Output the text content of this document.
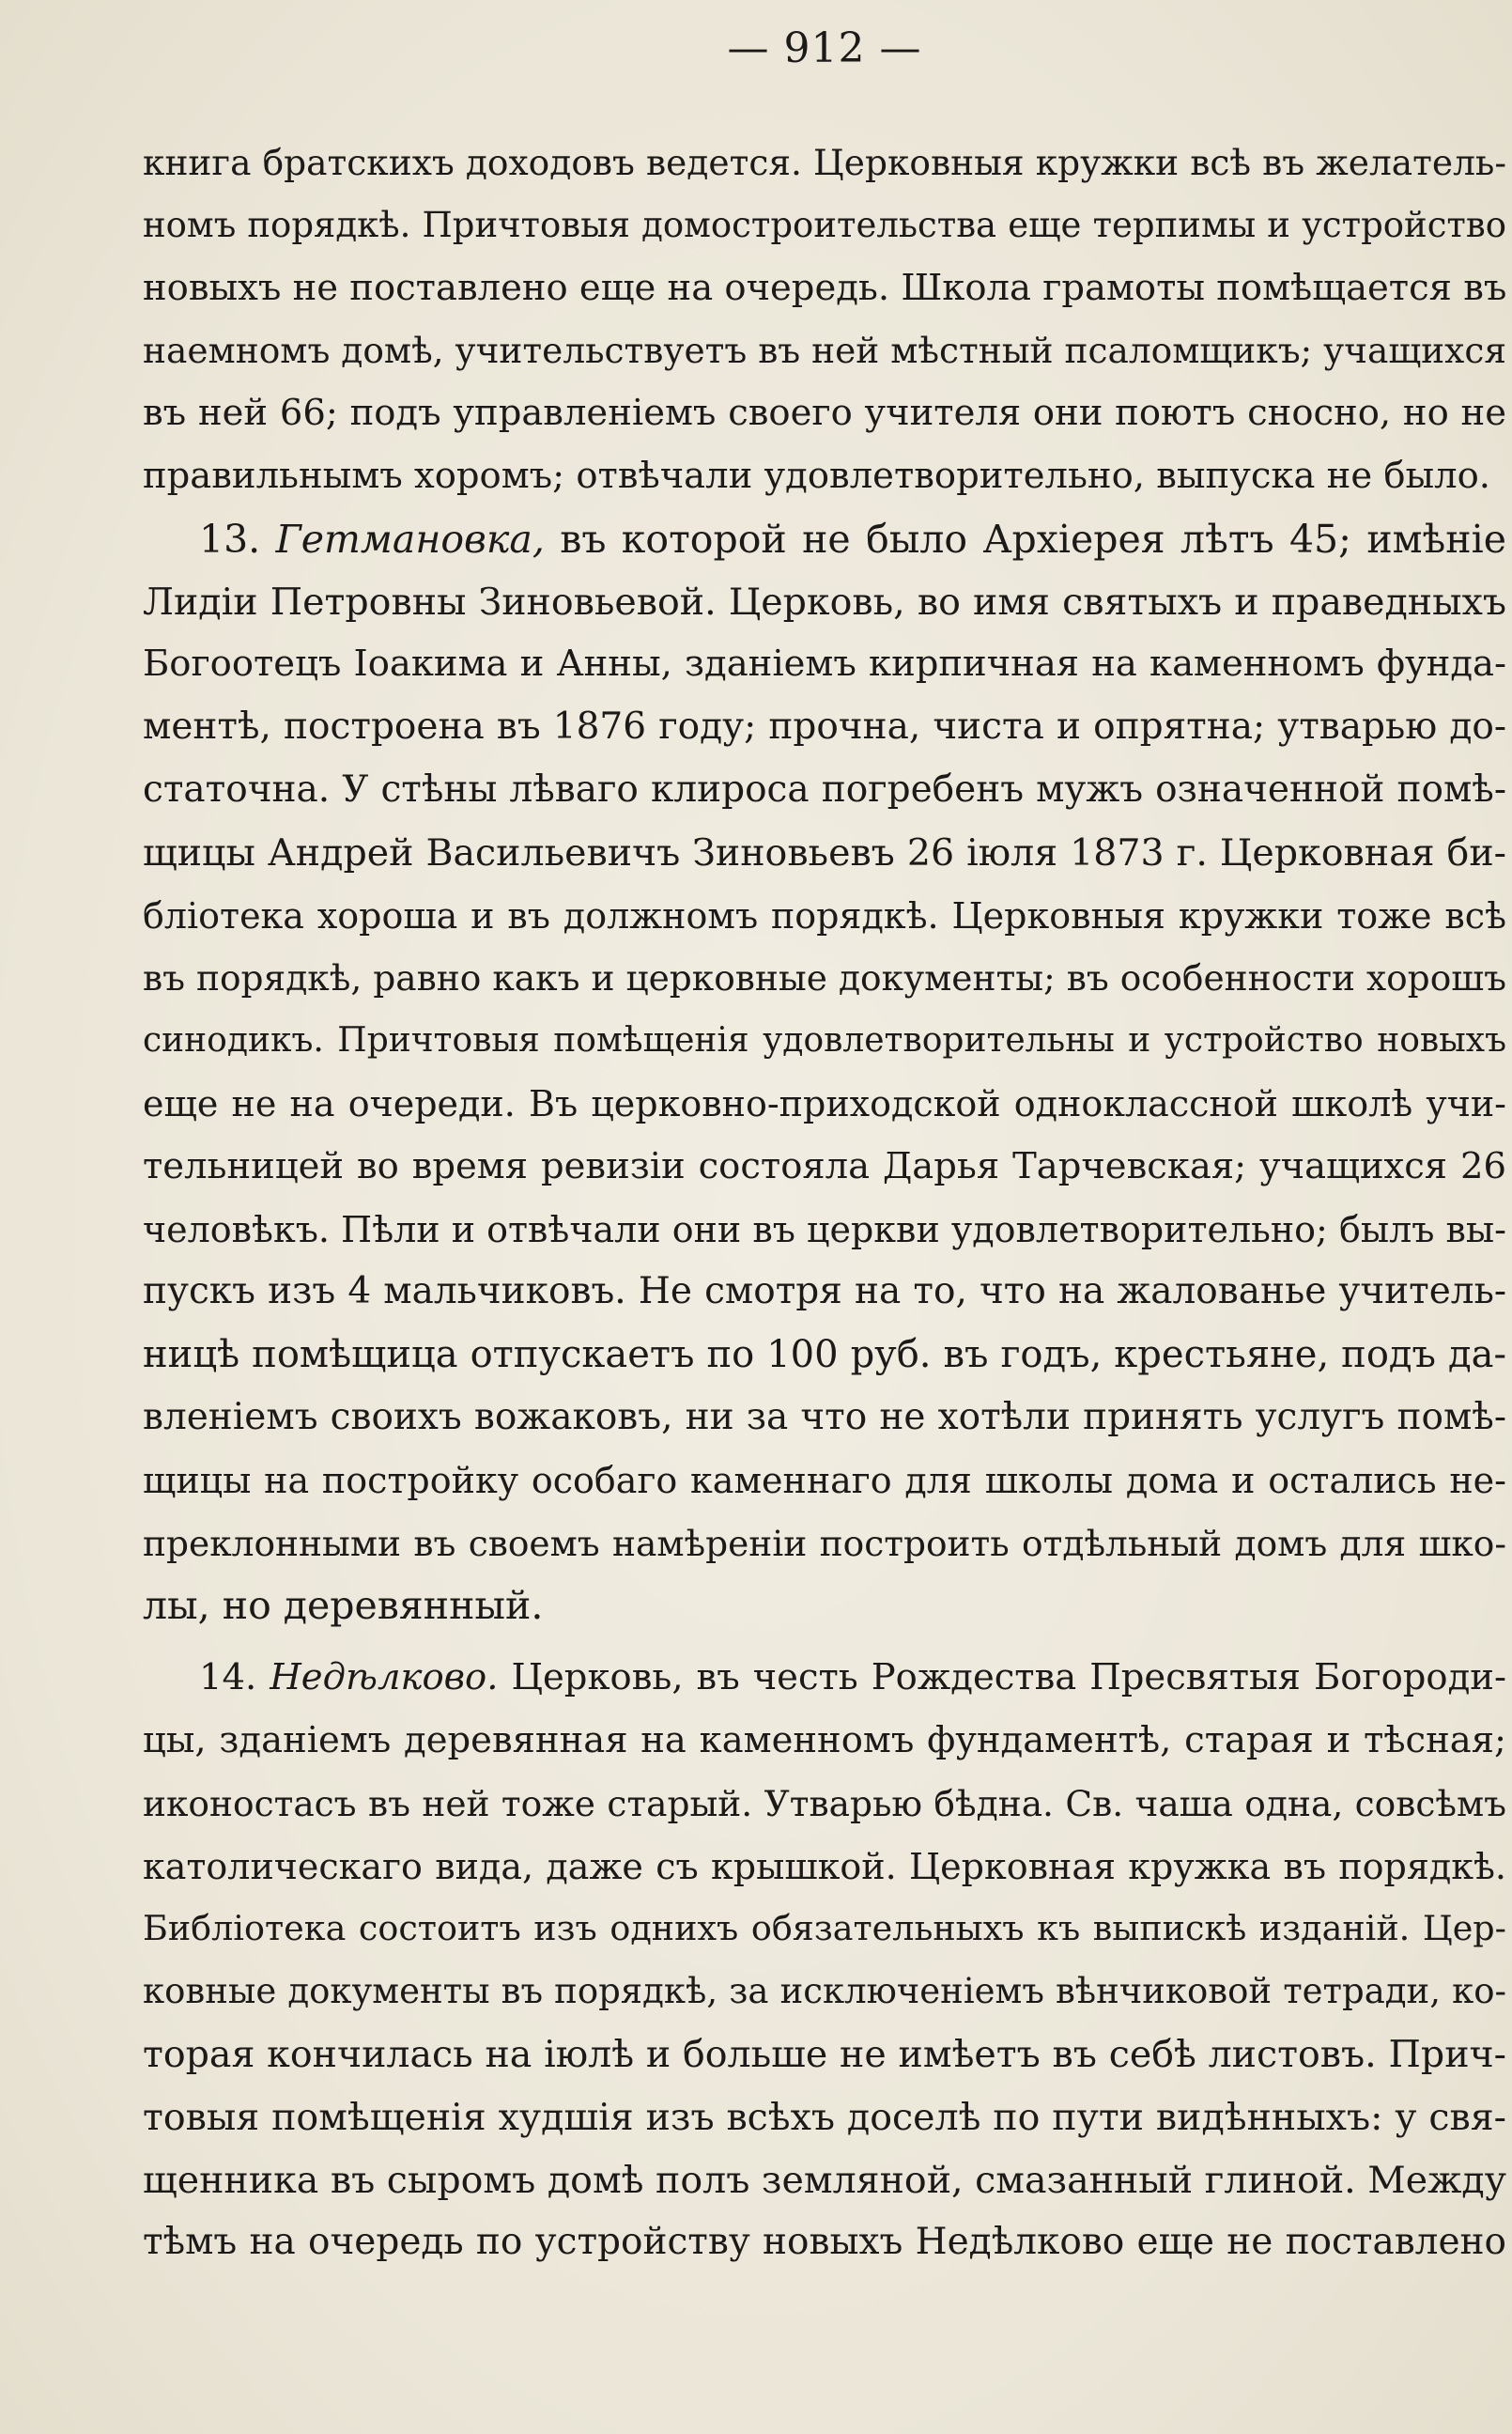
— 912 —
книга братскихъ доходовъ ведется. Церковныя кружки всѣ въ желатель-
номъ порядкѣ. Причтовыя домостроительства еще терпимы и устройство
новыхъ не поставлено еще на очередь. Школа грамоты помѣщается въ
наемномъ домѣ, учительствуетъ въ ней мѣстный псаломщикъ; учащихся
въ ней 66; подъ управленіемъ своего учителя они поютъ сносно, но не
правильнымъ хоромъ; отвѣчали удовлетворительно, выпуска не было.
13. Гетмановка, въ которой не было Архіерея лѣтъ 45; имѣніе
Лидіи Петровны Зиновьевой. Церковь, во имя святыхъ и праведныхъ
Богоотецъ Іоакима и Анны, зданіемъ кирпичная на каменномъ фунда-
ментѣ, построена въ 1876 году; прочна, чиста и опрятна; утварью до-
статочна. У стѣны лѣваго клироса погребенъ мужъ означенной помѣ-
щицы Андрей Васильевичъ Зиновьевъ 26 іюля 1873 г. Церковная би-
бліотека хороша и въ должномъ порядкѣ. Церковныя кружки тоже всѣ
въ порядкѣ, равно какъ и церковные документы; въ особенности хорошъ
синодикъ. Причтовыя помѣщенія удовлетворительны и устройство новыхъ
еще не на очереди. Въ церковно-приходской одноклассной школѣ учи-
тельницей во время ревизіи состояла Дарья Тарчевская; учащихся 26
человѣкъ. Пѣли и отвѣчали они въ церкви удовлетворительно; былъ вы-
пускъ изъ 4 мальчиковъ. Не смотря на то, что на жалованье учитель-
ницѣ помѣщица отпускаетъ по 100 руб. въ годъ, крестьяне, подъ да-
вленіемъ своихъ вожаковъ, ни за что не хотѣли принять услугъ помѣ-
щицы на постройку особаго каменнаго для школы дома и остались не-
преклонными въ своемъ намѣреніи построить отдѣльный домъ для шко-
лы, но деревянный.
14. Недѣлково. Церковь, въ честь Рождества Пресвятыя Богороди-
цы, зданіемъ деревянная на каменномъ фундаментѣ, старая и тѣсная;
иконостасъ въ ней тоже старый. Утварью бѣдна. Св. чаша одна, совсѣмъ
католическаго вида, даже съ крышкой. Церковная кружка въ порядкѣ.
Библіотека состоитъ изъ однихъ обязательныхъ къ выпискѣ изданій. Цер-
ковные документы въ порядкѣ, за исключеніемъ вѣнчиковой тетради, ко-
торая кончилась на іюлѣ и больше не имѣетъ въ себѣ листовъ. Прич-
товыя помѣщенія худшія изъ всѣхъ доселѣ по пути видѣнныхъ: у свя-
щенника въ сыромъ домѣ полъ земляной, смазанный глиной. Между
тѣмъ на очередь по устройству новыхъ Недѣлково еще не поставлено
